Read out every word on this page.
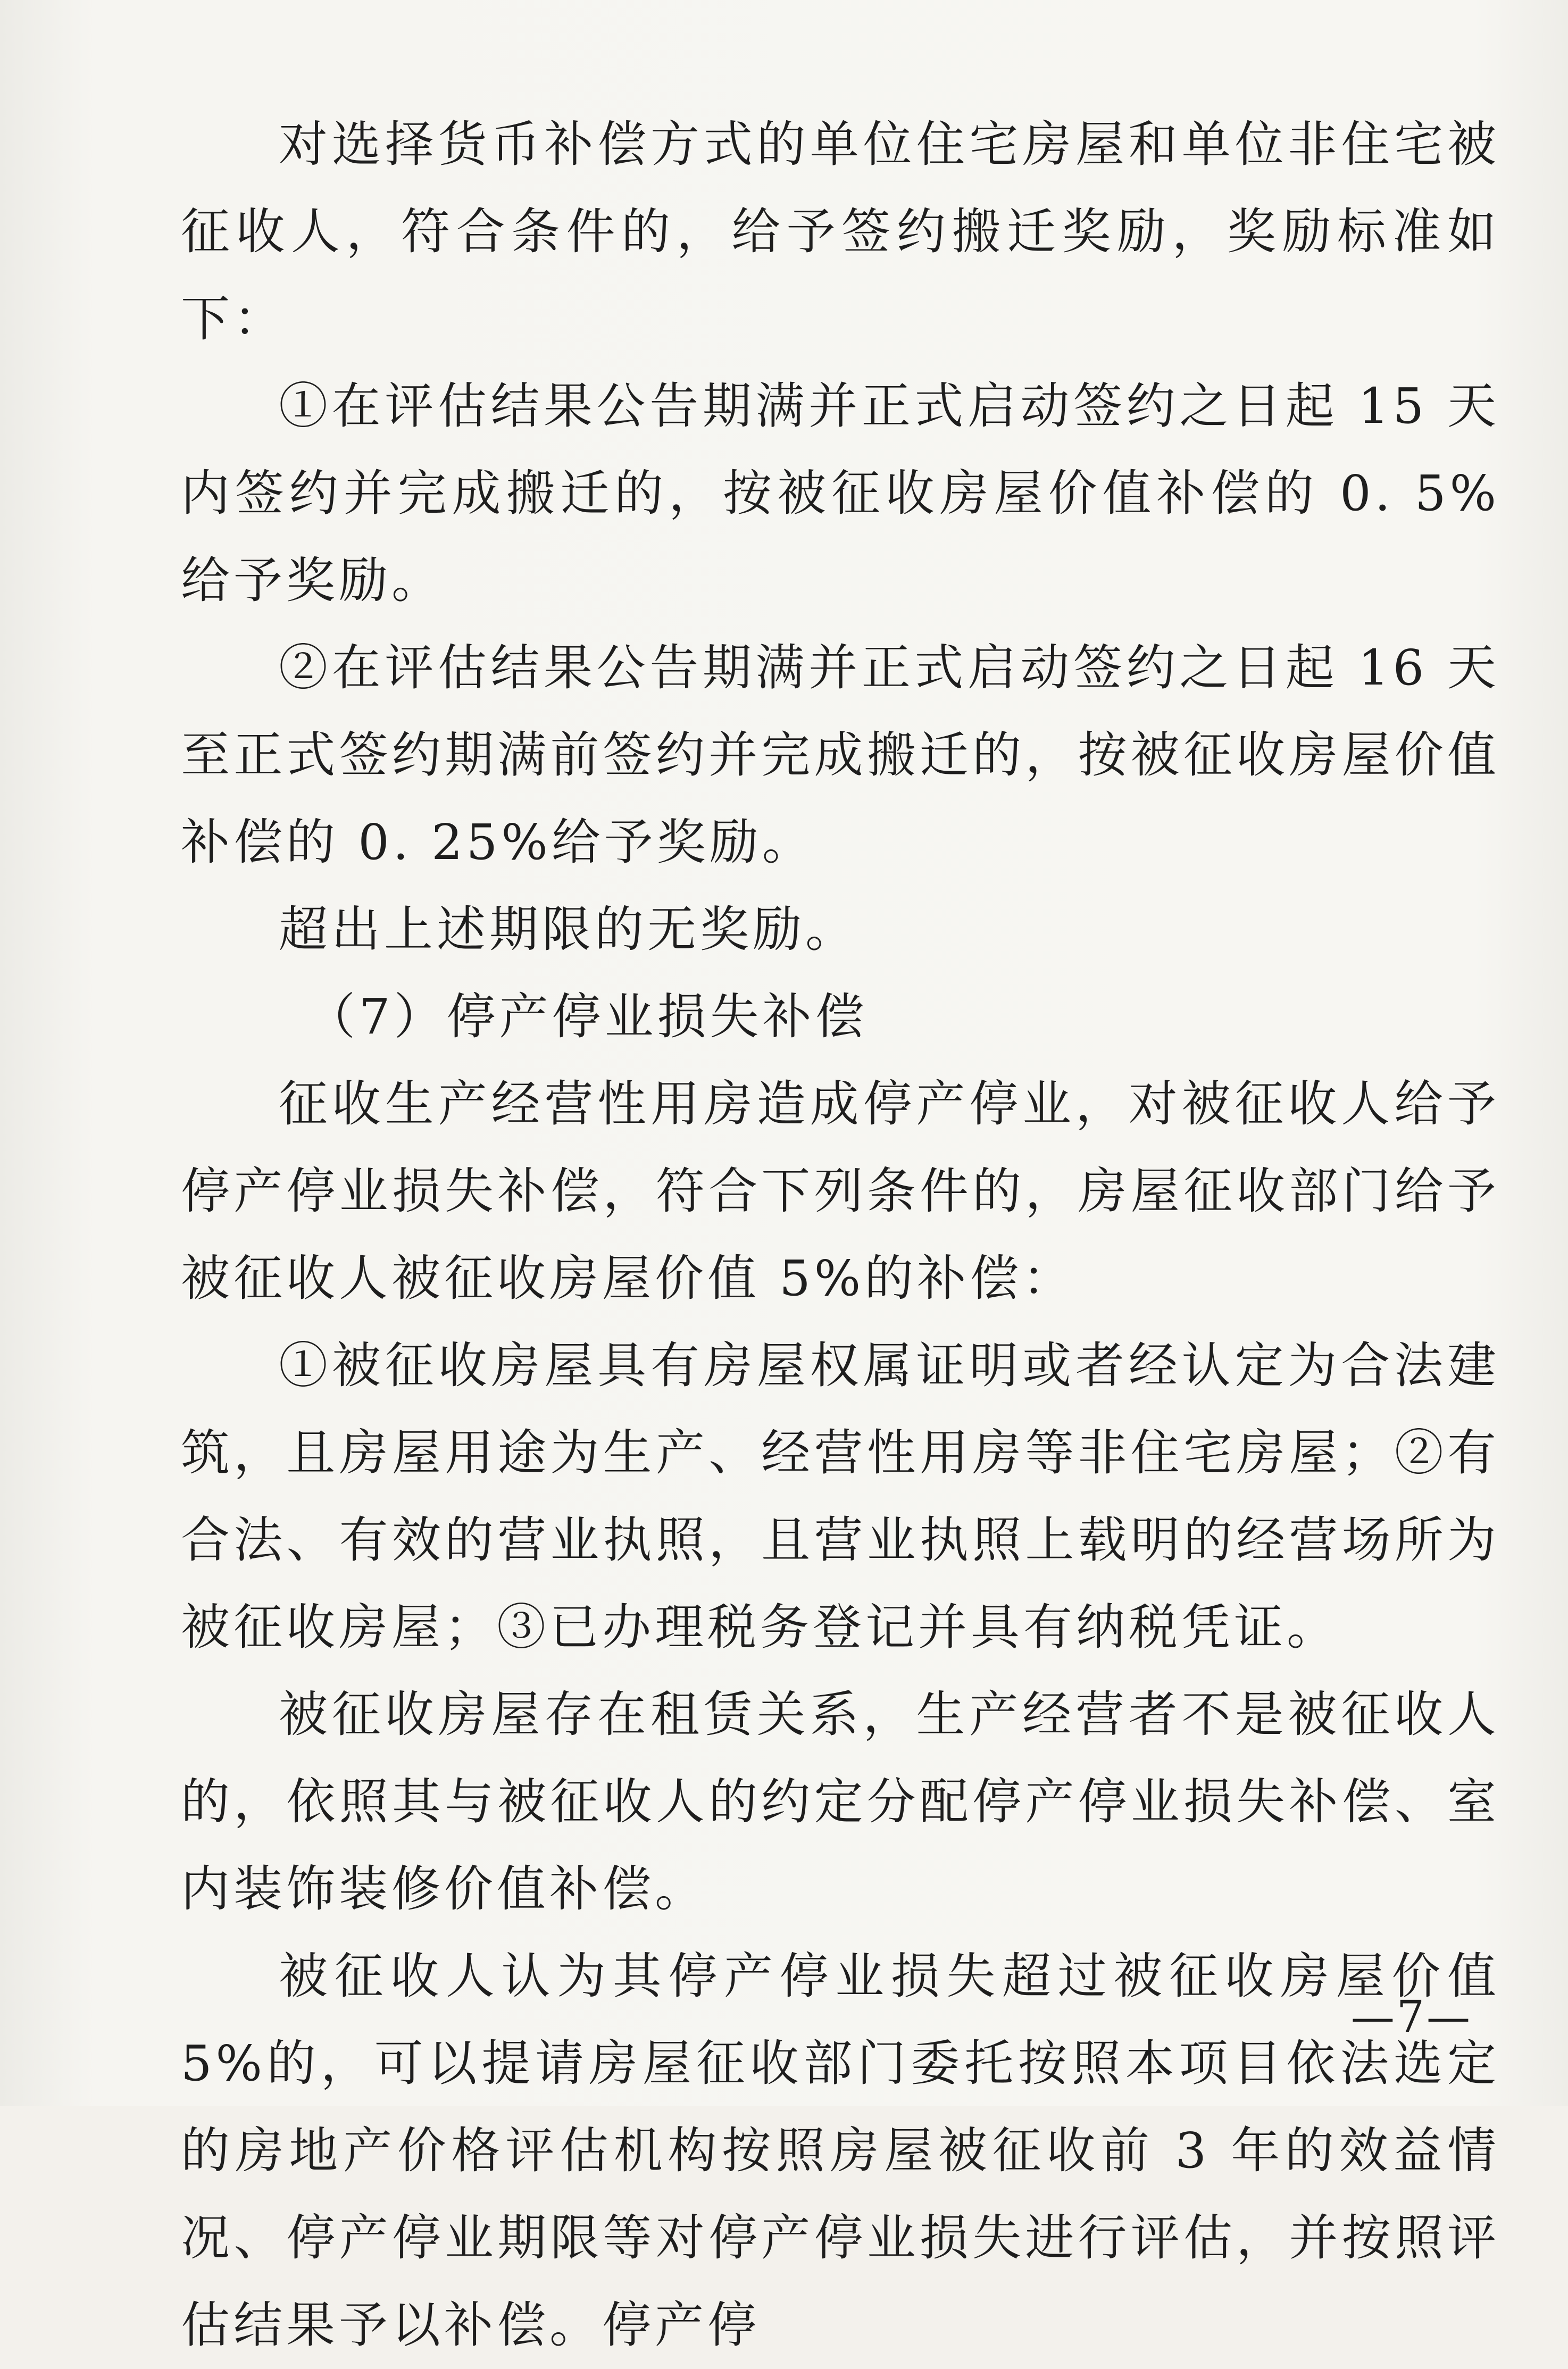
对选择货币补偿方式的单位住宅房屋和单位非住宅被征收人，符合条件的，给予签约搬迁奖励，奖励标准如下：

①在评估结果公告期满并正式启动签约之日起 15 天内签约并完成搬迁的，按被征收房屋价值补偿的 0. 5%给予奖励。

②在评估结果公告期满并正式启动签约之日起 16 天至正式签约期满前签约并完成搬迁的，按被征收房屋价值补偿的 0. 25%给予奖励。

超出上述期限的无奖励。

（7）停产停业损失补偿

征收生产经营性用房造成停产停业，对被征收人给予停产停业损失补偿，符合下列条件的，房屋征收部门给予被征收人被征收房屋价值 5%的补偿：

①被征收房屋具有房屋权属证明或者经认定为合法建筑，且房屋用途为生产、经营性用房等非住宅房屋；②有合法、有效的营业执照，且营业执照上载明的经营场所为被征收房屋；③已办理税务登记并具有纳税凭证。

被征收房屋存在租赁关系，生产经营者不是被征收人的，依照其与被征收人的约定分配停产停业损失补偿、室内装饰装修价值补偿。

被征收人认为其停产停业损失超过被征收房屋价值 5%的，可以提请房屋征收部门委托按照本项目依法选定的房地产价格评估机构按照房屋被征收前 3 年的效益情况、停产停业期限等对停产停业损失进行评估，并按照评估结果予以补偿。停产停

—7—
